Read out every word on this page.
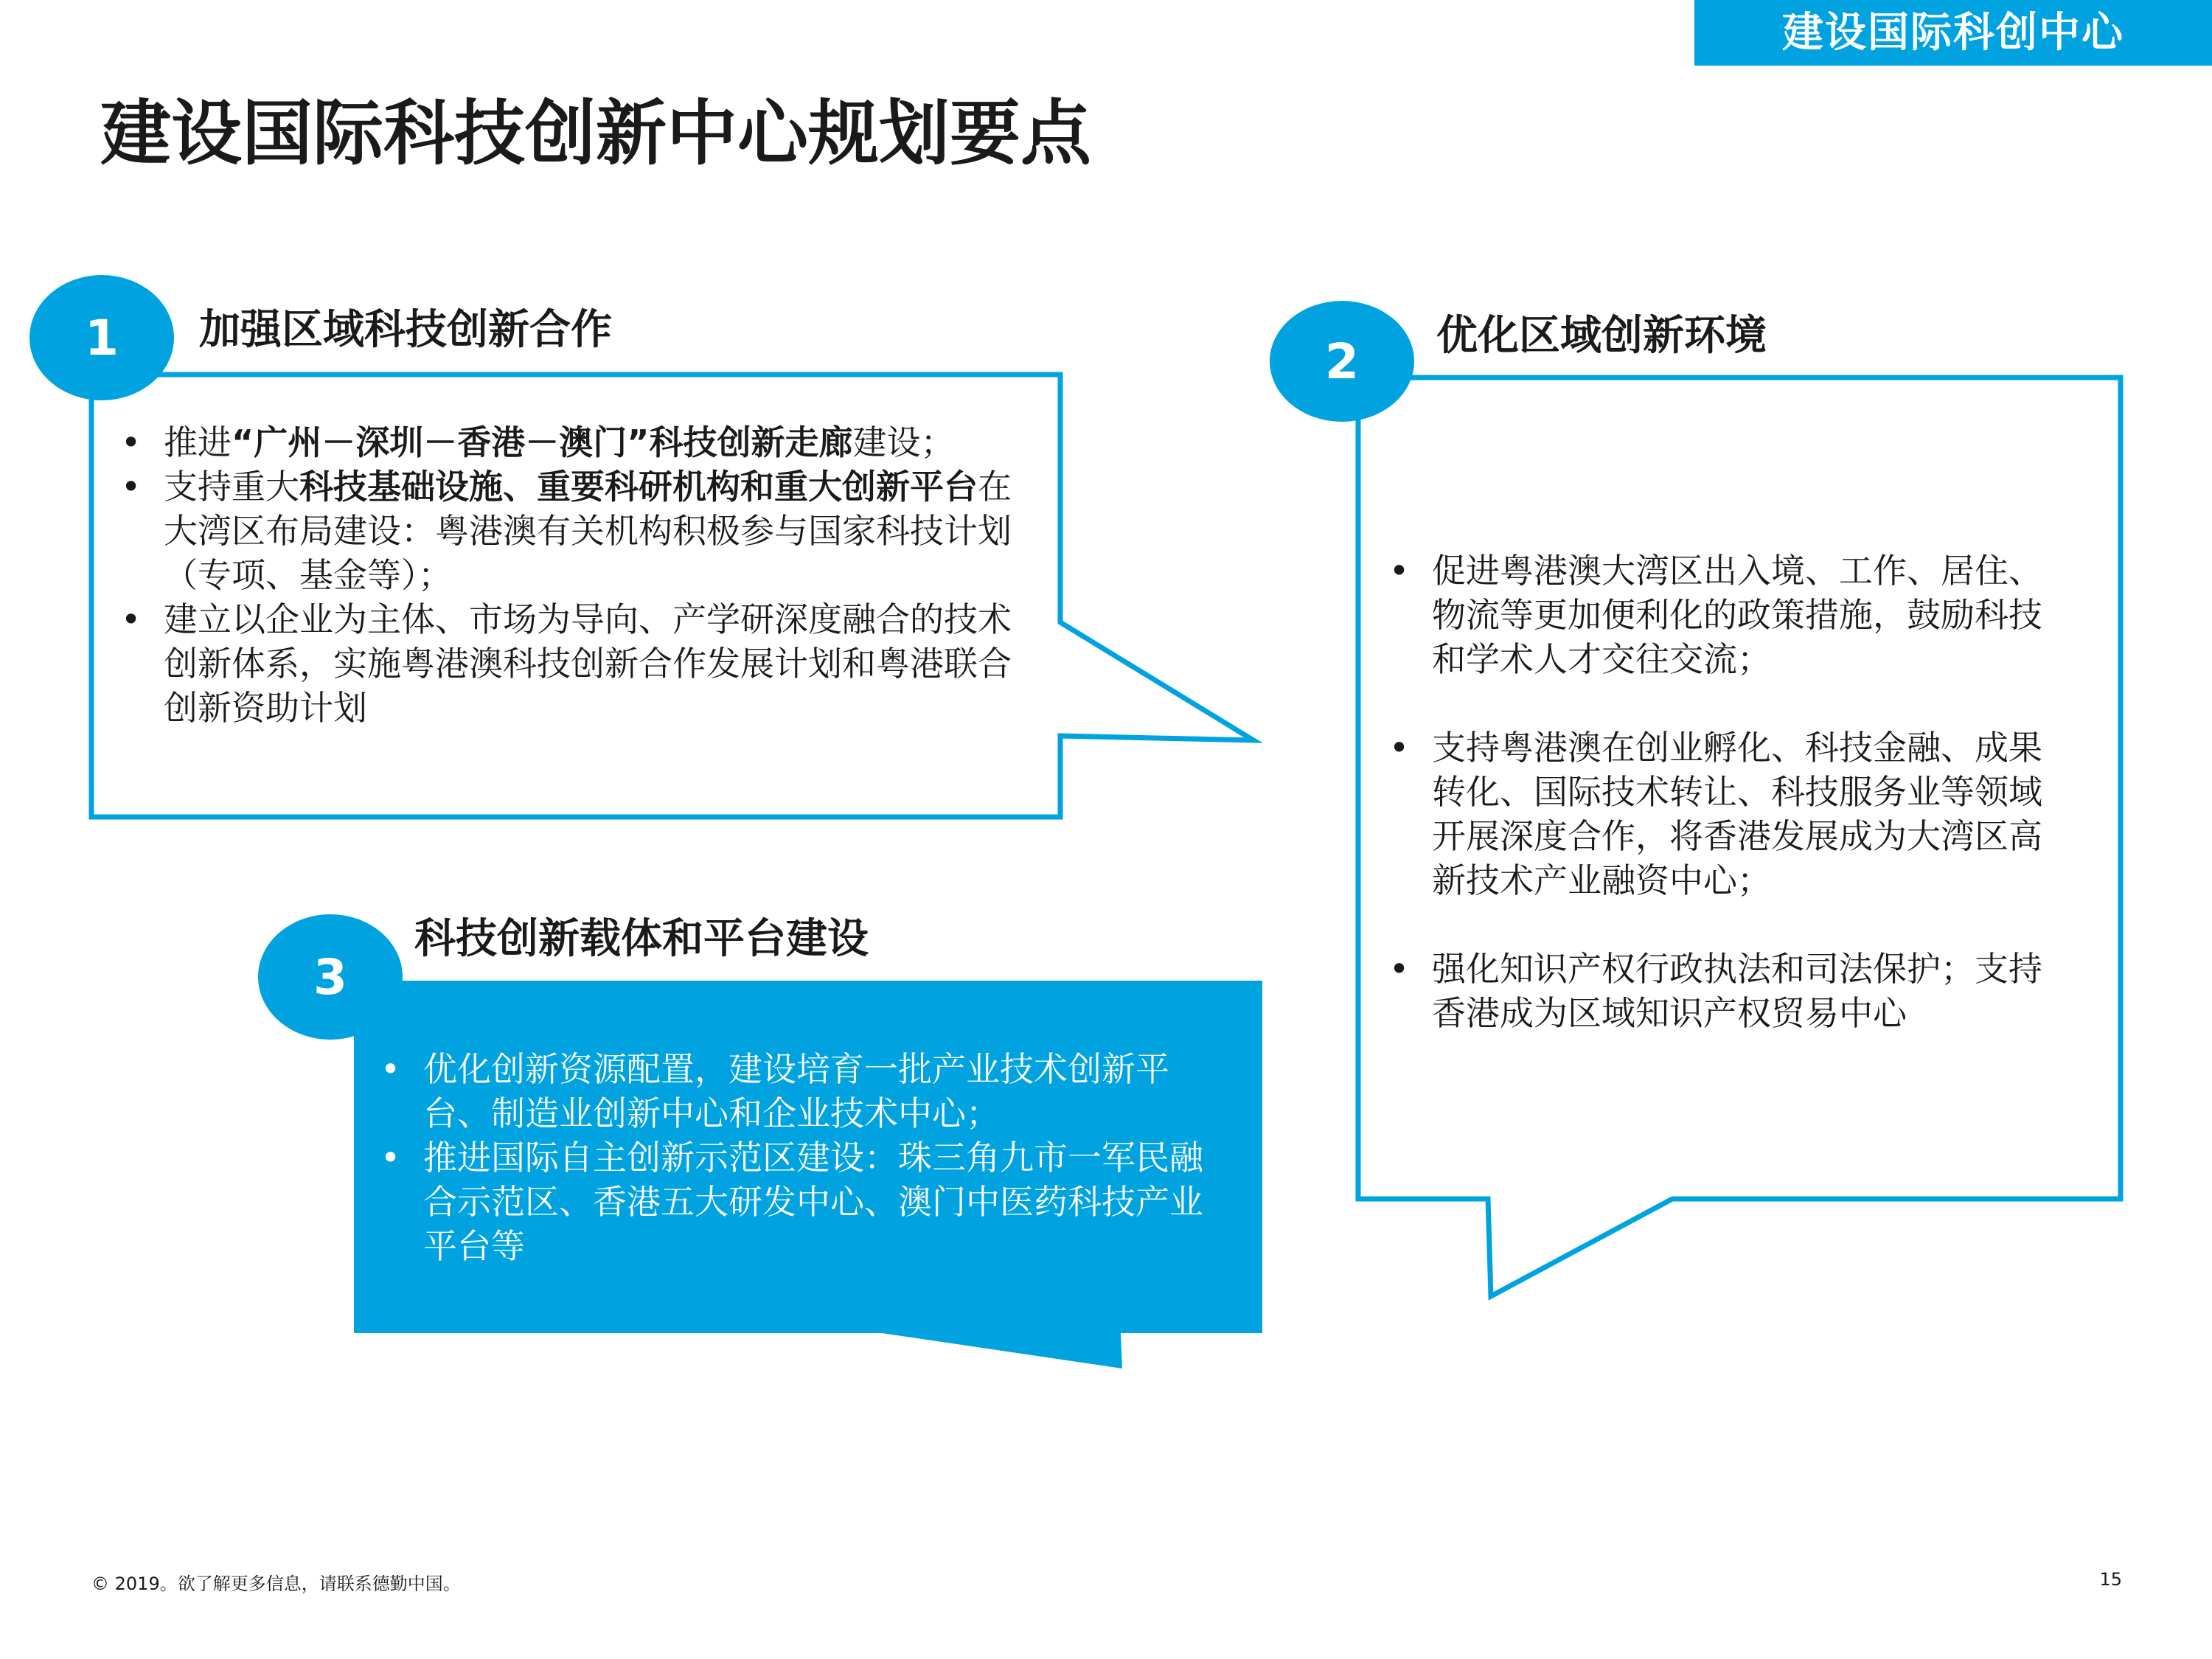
建设国际科创中心
建设国际科技创新中心规划要点
1	加强区域科技创新合作
• 推进“广州－深圳－香港－澳门”科技创新走廊建设；
• 支持重大科技基础设施、重要科研机构和重大创新平台在大湾区布局建设：粤港澳有关机构积极参与国家科技计划（专项、基金等）；
• 建立以企业为主体、市场为导向、产学研深度融合的技术创新体系，实施粤港澳科技创新合作发展计划和粤港联合创新资助计划
2	优化区域创新环境
• 促进粤港澳大湾区出入境、工作、居住、物流等更加便利化的政策措施，鼓励科技和学术人才交往交流；
• 支持粤港澳在创业孵化、科技金融、成果转化、国际技术转让、科技服务业等领域开展深度合作，将香港发展成为大湾区高新技术产业融资中心；
• 强化知识产权行政执法和司法保护；支持香港成为区域知识产权贸易中心
3
科技创新载体和平台建设
• 优化创新资源配置，建设培育一批产业技术创新平台、制造业创新中心和企业技术中心；
• 推进国际自主创新示范区建设：珠三角九市一军民融合示范区、香港五大研发中心、澳门中医药科技产业平台等
© 2019。欲了解更多信息，请联系德勤中国。	15
